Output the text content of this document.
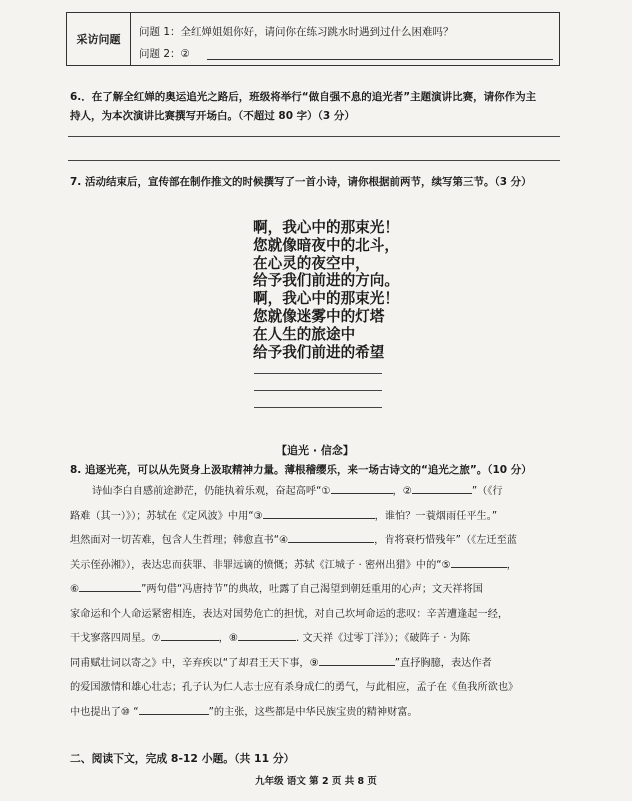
采访问题
问题 1：全红婵姐姐你好，请问你在练习跳水时遇到过什么困难吗？
问题 2：②
6.．在了解全红婵的奥运追光之路后，班级将举行“做自强不息的追光者”主题演讲比赛，请你作为主
持人，为本次演讲比赛撰写开场白。（不超过 80 字）（3 分）
7. 活动结束后，宣传部在制作推文的时候撰写了一首小诗，请你根据前两节，续写第三节。（3 分）
啊，我心中的那束光！
您就像暗夜中的北斗，
在心灵的夜空中，
给予我们前进的方向。
啊，我心中的那束光！
您就像迷雾中的灯塔
在人生的旅途中
给予我们前进的希望
【追光 · 信念】
8. 追逐光亮，可以从先贤身上汲取精神力量。薄根稽缨乐，来一场古诗文的“追光之旅”。（10 分）
诗仙李白自感前途渺茫，仍能执着乐观，奋起高呼“①	，②	”（《行
路难（其一）》）；苏轼在《定风波》中用“③	，谁怕？一蓑烟雨任平生。”
坦然面对一切苦难，包含人生哲理；韩愈直书“④	，肯将衰朽惜残年”（《左迁至蓝
关示侄孙湘》），表达忠而获罪、非罪远谪的愤慨；苏轼《江城子 · 密州出猎》中的“⑤	，
⑥	”两句借“冯唐持节”的典故，吐露了自己渴望到朝廷重用的心声；文天祥将国
家命运和个人命运紧密相连，表达对国势危亡的担忧，对自己坎坷命运的悲叹：辛苦遭逢起一经，
干戈寥落四周星。⑦	，⑧	. 文天祥《过零丁洋》）；《破阵子 · 为陈
同甫赋壮词以寄之》中，辛弃疾以“了却君王天下事，⑨	”直抒胸臆，表达作者
的爱国激情和雄心壮志；孔子认为仁人志士应有杀身成仁的勇气，与此相应，孟子在《鱼我所欲也》
中也提出了⑩ “	”的主张，这些都是中华民族宝贵的精神财富。
二、阅读下文，完成 8-12 小题。（共 11 分）
九年级 语文 第 2 页 共 8 页
